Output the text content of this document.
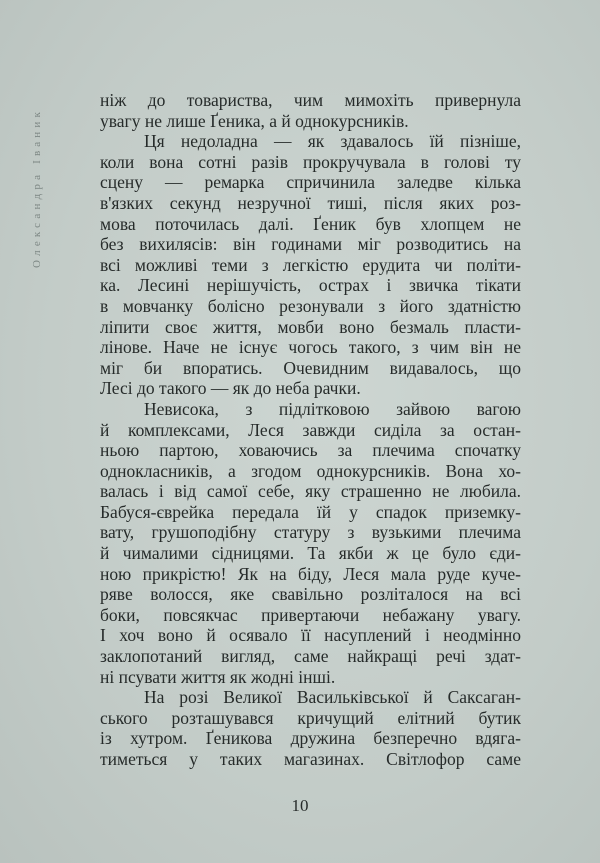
Олександра Іваник
ніж до товариства, чим мимохіть привернула
увагу не лише Ґеника, а й однокурсників.
Ця недоладна — як здавалось їй пізніше,
коли вона сотні разів прокручувала в голові ту
сцену — ремарка спричинила заледве кілька
в'язких секунд незручної тиші, після яких роз-
мова поточилась далі. Ґеник був хлопцем не
без вихилясів: він годинами міг розводитись на
всі можливі теми з легкістю ерудита чи політи-
ка. Лесині нерішучість, острах і звичка тікати
в мовчанку болісно резонували з його здатністю
ліпити своє життя, мовби воно безмаль пласти-
лінове. Наче не існує чогось такого, з чим він не
міг би впоратись. Очевидним видавалось, що
Лесі до такого — як до неба рачки.
Невисока, з підлітковою зайвою вагою
й комплексами, Леся завжди сиділа за остан-
ньою партою, ховаючись за плечима спочатку
однокласників, а згодом однокурсників. Вона хо-
валась і від самої себе, яку страшенно не любила.
Бабуся-єврейка передала їй у спадок приземку-
вату, грушоподібну статуру з вузькими плечима
й чималими сідницями. Та якби ж це було єди-
ною прикрістю! Як на біду, Леся мала руде куче-
ряве волосся, яке свавільно розліталося на всі
боки, повсякчас привертаючи небажану увагу.
І хоч воно й осявало її насуплений і неодмінно
заклопотаний вигляд, саме найкращі речі здат-
ні псувати життя як жодні інші.
На розі Великої Васильківської й Саксаган-
ського розташувався кричущий елітний бутик
із хутром. Ґеникова дружина безперечно вдяга-
тиметься у таких магазинах. Світлофор саме
10
